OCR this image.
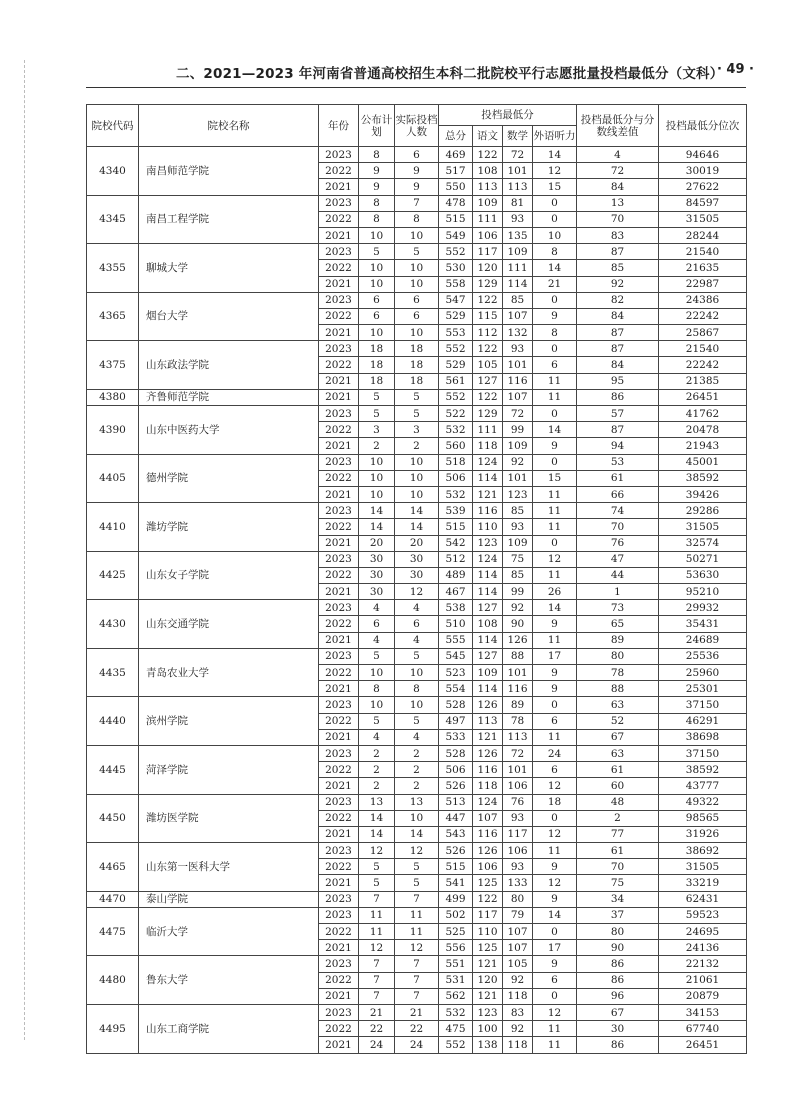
二、2021—2023 年河南省普通高校招生本科二批院校平行志愿批量投档最低分（文科）
· 49 ·
院校代码	院校名称	年份	公布计划	实际投档人数	投档最低分				投档最低分与分数线差值	投档最低分位次
					总分	语文	数学	外语听力		
4340	南昌师范学院	2023	8	6	469	122	72	14	4	94646
		2022	9	9	517	108	101	12	72	30019
		2021	9	9	550	113	113	15	84	27622
4345	南昌工程学院	2023	8	7	478	109	81	0	13	84597
		2022	8	8	515	111	93	0	70	31505
		2021	10	10	549	106	135	10	83	28244
4355	聊城大学	2023	5	5	552	117	109	8	87	21540
		2022	10	10	530	120	111	14	85	21635
		2021	10	10	558	129	114	21	92	22987
4365	烟台大学	2023	6	6	547	122	85	0	82	24386
		2022	6	6	529	115	107	9	84	22242
		2021	10	10	553	112	132	8	87	25867
4375	山东政法学院	2023	18	18	552	122	93	0	87	21540
		2022	18	18	529	105	101	6	84	22242
		2021	18	18	561	127	116	11	95	21385
4380	齐鲁师范学院	2021	5	5	552	122	107	11	86	26451
4390	山东中医药大学	2023	5	5	522	129	72	0	57	41762
		2022	3	3	532	111	99	14	87	20478
		2021	2	2	560	118	109	9	94	21943
4405	德州学院	2023	10	10	518	124	92	0	53	45001
		2022	10	10	506	114	101	15	61	38592
		2021	10	10	532	121	123	11	66	39426
4410	潍坊学院	2023	14	14	539	116	85	11	74	29286
		2022	14	14	515	110	93	11	70	31505
		2021	20	20	542	123	109	0	76	32574
4425	山东女子学院	2023	30	30	512	124	75	12	47	50271
		2022	30	30	489	114	85	11	44	53630
		2021	30	12	467	114	99	26	1	95210
4430	山东交通学院	2023	4	4	538	127	92	14	73	29932
		2022	6	6	510	108	90	9	65	35431
		2021	4	4	555	114	126	11	89	24689
4435	青岛农业大学	2023	5	5	545	127	88	17	80	25536
		2022	10	10	523	109	101	9	78	25960
		2021	8	8	554	114	116	9	88	25301
4440	滨州学院	2023	10	10	528	126	89	0	63	37150
		2022	5	5	497	113	78	6	52	46291
		2021	4	4	533	121	113	11	67	38698
4445	菏泽学院	2023	2	2	528	126	72	24	63	37150
		2022	2	2	506	116	101	6	61	38592
		2021	2	2	526	118	106	12	60	43777
4450	潍坊医学院	2023	13	13	513	124	76	18	48	49322
		2022	14	10	447	107	93	0	2	98565
		2021	14	14	543	116	117	12	77	31926
4465	山东第一医科大学	2023	12	12	526	126	106	11	61	38692
		2022	5	5	515	106	93	9	70	31505
		2021	5	5	541	125	133	12	75	33219
4470	泰山学院	2023	7	7	499	122	80	9	34	62431
4475	临沂大学	2023	11	11	502	117	79	14	37	59523
		2022	11	11	525	110	107	0	80	24695
		2021	12	12	556	125	107	17	90	24136
4480	鲁东大学	2023	7	7	551	121	105	9	86	22132
		2022	7	7	531	120	92	6	86	21061
		2021	7	7	562	121	118	0	96	20879
4495	山东工商学院	2023	21	21	532	123	83	12	67	34153
		2022	22	22	475	100	92	11	30	67740
		2021	24	24	552	138	118	11	86	26451
